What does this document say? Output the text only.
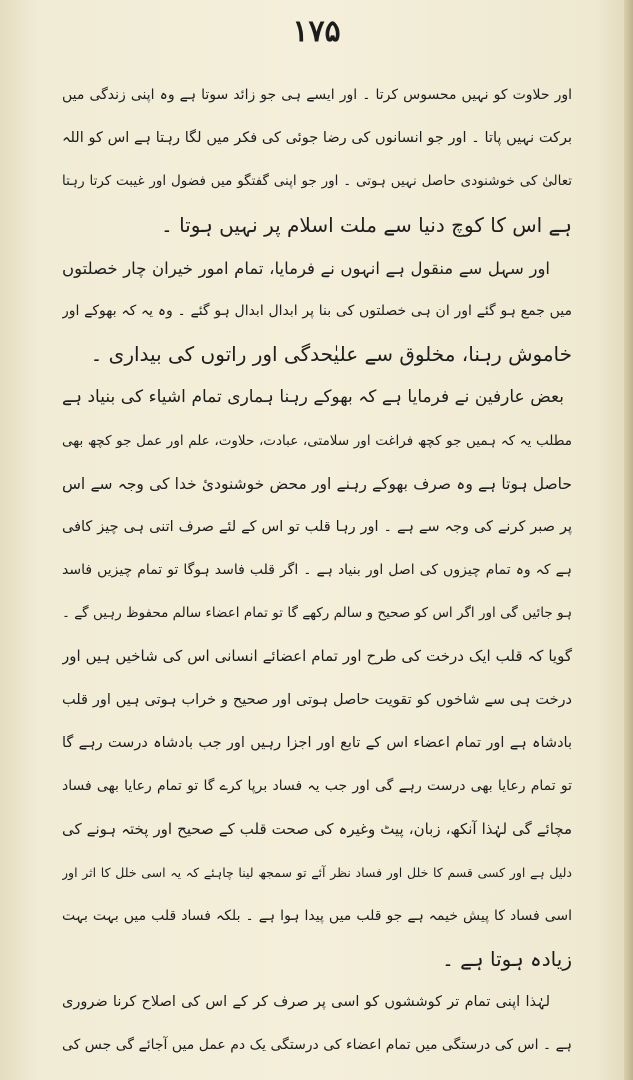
۱۷۵
اور حلاوت کو نہیں محسوس کرتا ۔ اور ایسے ہی جو زائد سوتا ہے وہ اپنی زندگی میں
برکت نہیں پاتا ۔ اور جو انسانوں کی رضا جوئی کی فکر میں لگا رہتا ہے اس کو اللہ
تعالیٰ کی خوشنودی حاصل نہیں ہوتی ۔ اور جو اپنی گفتگو میں فضول اور غیبت کرتا رہتا
ہے اس کا کوچ دنیا سے ملت اسلام پر نہیں ہوتا ۔
اور سہل سے منقول ہے انہوں نے فرمایا، تمام امور خیران چار خصلتوں
میں جمع ہو گئے اور ان ہی خصلتوں کی بنا پر ابدال ابدال ہو گئے ۔ وہ یہ کہ بھوکے اور
خاموش رہنا، مخلوق سے علیٰحدگی اور راتوں کی بیداری ۔
بعض عارفین نے فرمایا ہے کہ بھوکے رہنا ہماری تمام اشیاء کی بنیاد ہے
مطلب یہ کہ ہمیں جو کچھ فراغت اور سلامتی، عبادت، حلاوت، علم اور عمل جو کچھ بھی
حاصل ہوتا ہے وہ صرف بھوکے رہنے اور محض خوشنودیٔ خدا کی وجہ سے اس
پر صبر کرنے کی وجہ سے ہے ۔ اور رہا قلب تو اس کے لئے صرف اتنی ہی چیز کافی
ہے کہ وہ تمام چیزوں کی اصل اور بنیاد ہے ۔ اگر قلب فاسد ہوگا تو تمام چیزیں فاسد
ہو جائیں گی اور اگر اس کو صحیح و سالم رکھے گا تو تمام اعضاء سالم محفوظ رہیں گے ۔
گویا کہ قلب ایک درخت کی طرح اور تمام اعضائے انسانی اس کی شاخیں ہیں اور
درخت ہی سے شاخوں کو تقویت حاصل ہوتی اور صحیح و خراب ہوتی ہیں اور قلب
بادشاہ ہے اور تمام اعضاء اس کے تابع اور اجزا رہیں اور جب بادشاہ درست رہے گا
تو تمام رعایا بھی درست رہے گی اور جب یہ فساد برپا کرے گا تو تمام رعایا بھی فساد
مچائے گی لہٰذا آنکھ، زبان، پیٹ وغیرہ کی صحت قلب کے صحیح اور پختہ ہونے کی
دلیل ہے اور کسی قسم کا خلل اور فساد نظر آئے تو سمجھ لینا چاہئے کہ یہ اسی خلل کا اثر اور
اسی فساد کا پیش خیمہ ہے جو قلب میں پیدا ہوا ہے ۔ بلکہ فساد قلب میں بہت بہت
زیادہ ہوتا ہے ۔
لہٰذا اپنی تمام تر کوششوں کو اسی پر صرف کر کے اس کی اصلاح کرنا ضروری
ہے ۔ اس کی درستگی میں تمام اعضاء کی درستگی یک دم عمل میں آجائے گی جس کی
